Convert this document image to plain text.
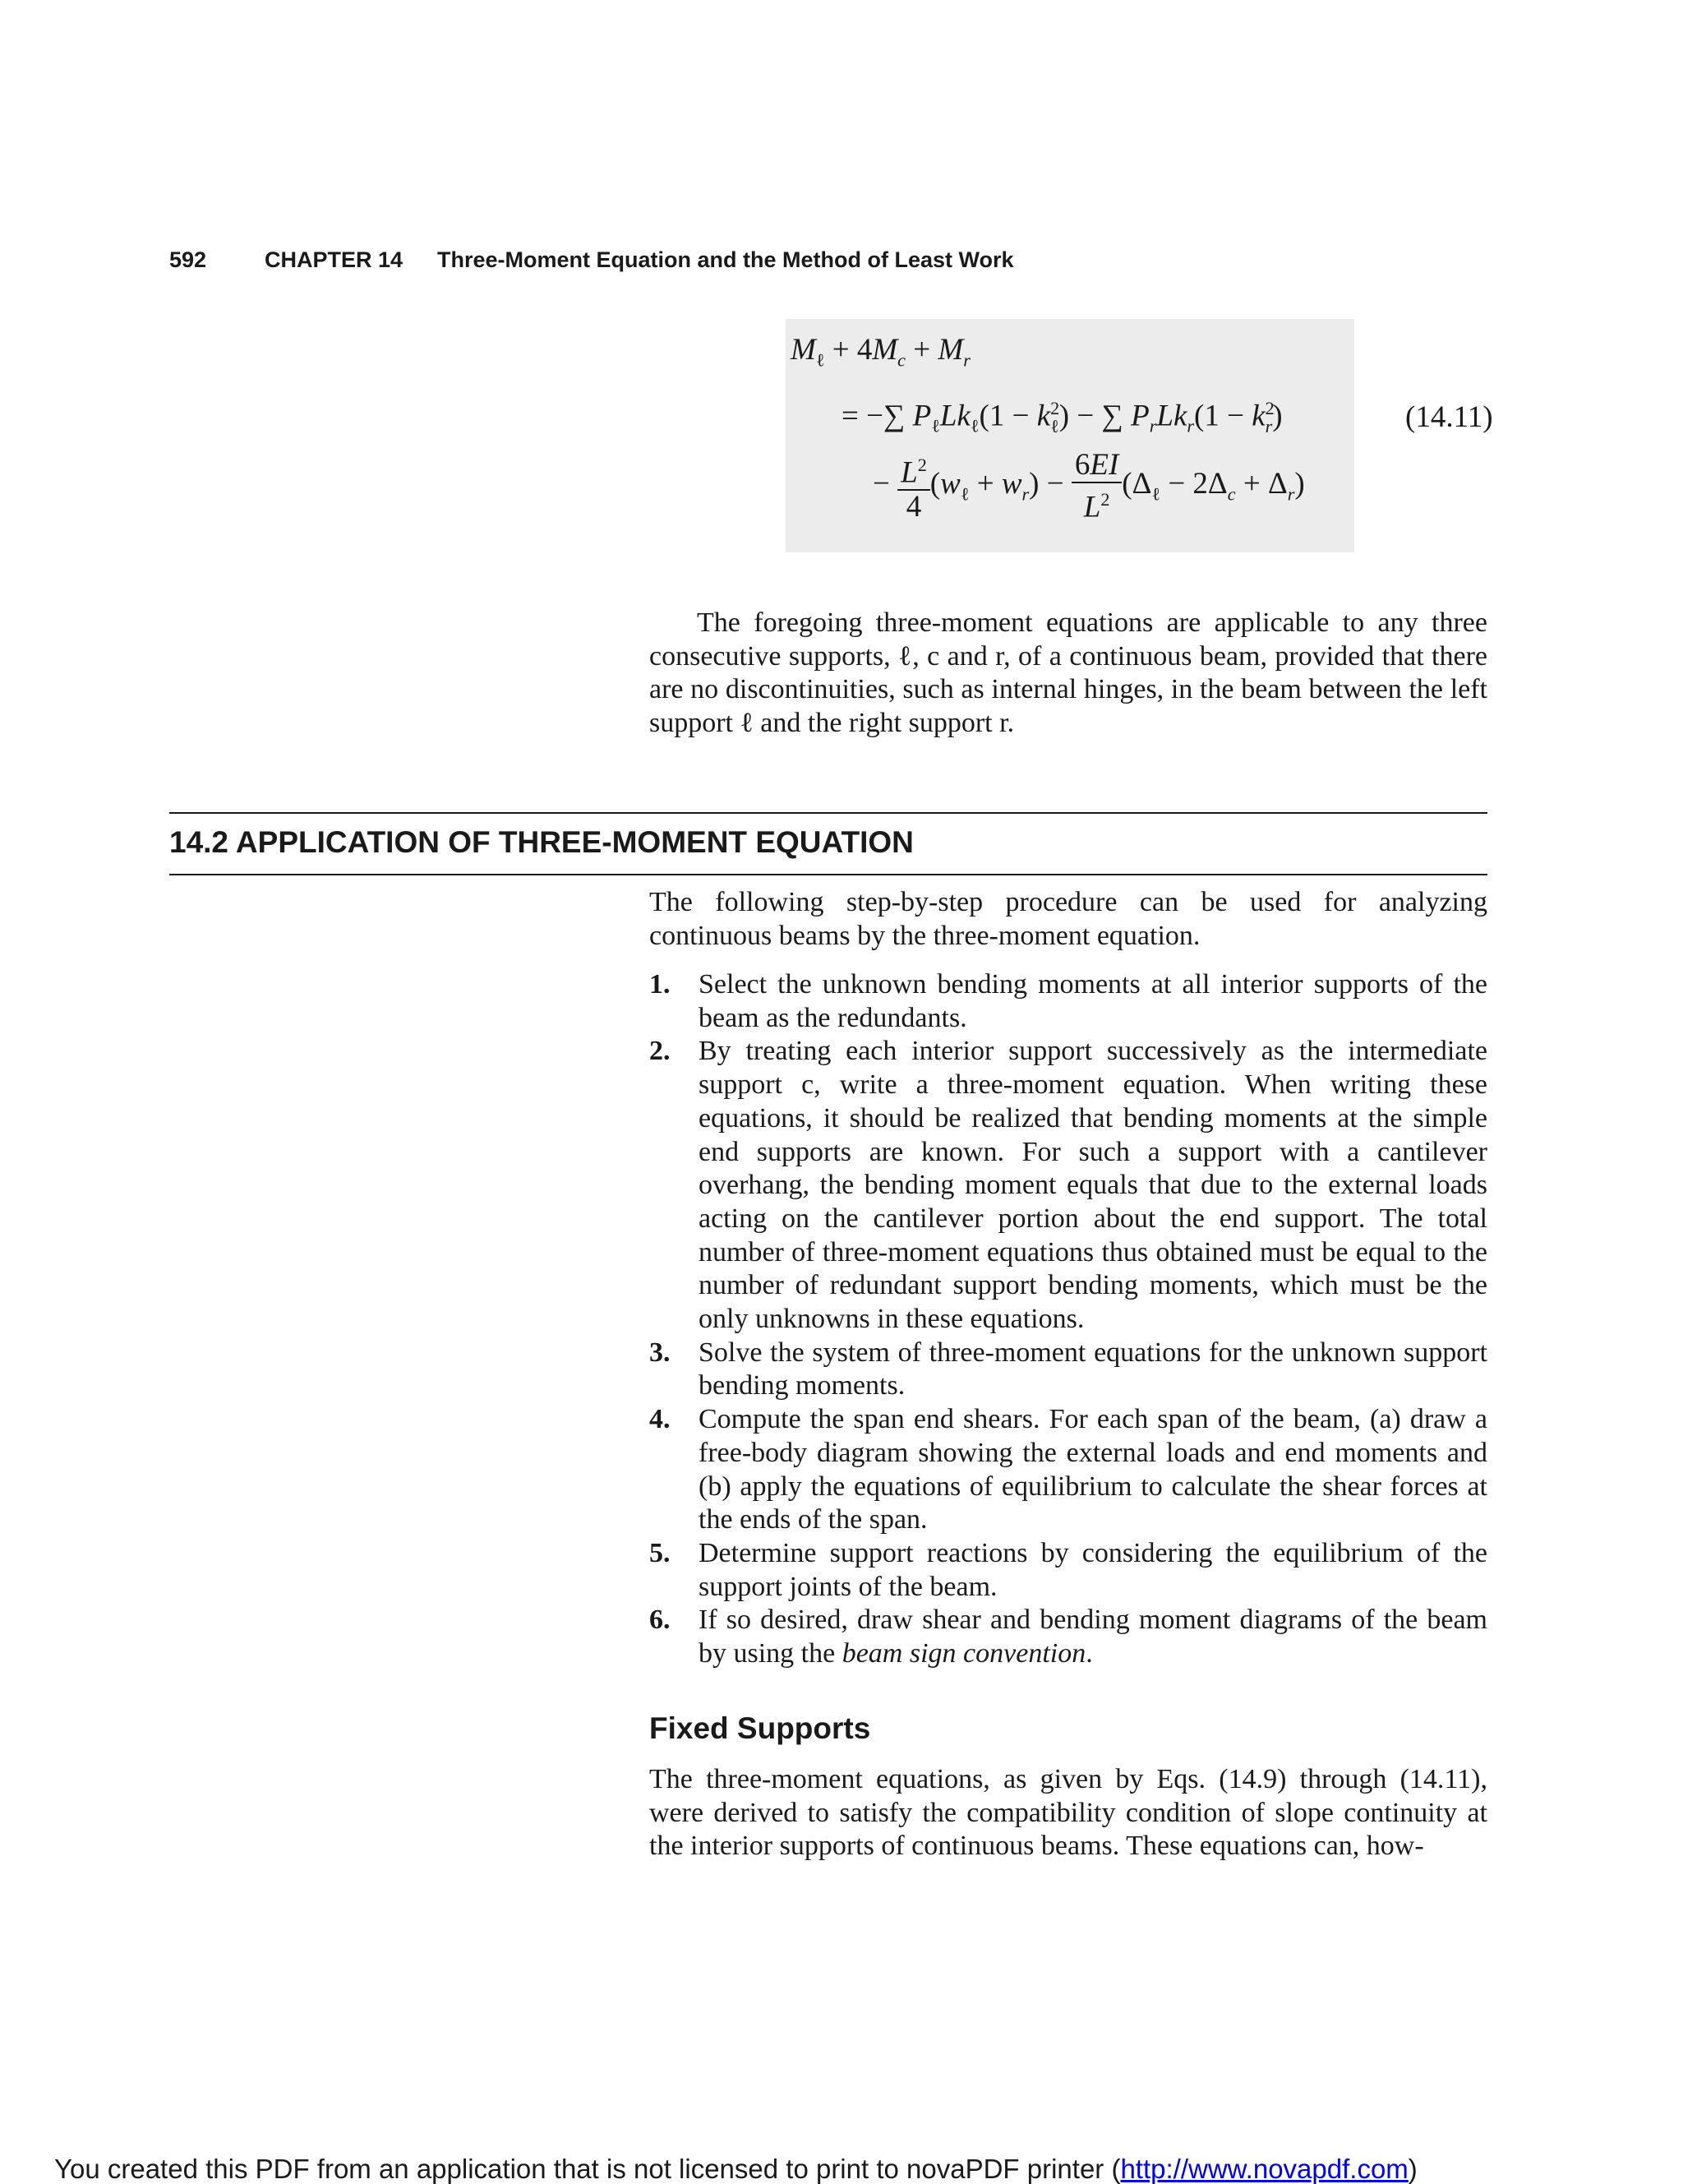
592	CHAPTER 14 Three-Moment Equation and the Method of Least Work
$M_\ell + 4M_c + M_r$
= −∑ $P_\ell Lk_\ell(1 - k^2_\ell)$ − ∑ $P_rLk_r(1 - k^2_r)$
− $\frac{L^2}{4} (w_\ell + w_r) - \frac{6EI}{L^2} (\Delta_\ell - 2\Delta_c + \Delta_r)$
(14.11)

The foregoing three-moment equations are applicable to any three consecutive supports, ℓ, c and r, of a continuous beam, provided that there are no discontinuities, such as internal hinges, in the beam between the left support ℓ and the right support r.

14.2 APPLICATION OF THREE-MOMENT EQUATION

The following step-by-step procedure can be used for analyzing continuous beams by the three-moment equation.

1. Select the unknown bending moments at all interior supports of the beam as the redundants.
2. By treating each interior support successively as the intermediate support c, write a three-moment equation. When writing these equations, it should be realized that bending moments at the simple end supports are known. For such a support with a cantilever overhang, the bending moment equals that due to the external loads acting on the cantilever portion about the end support. The total number of three-moment equations thus obtained must be equal to the number of redundant support bending moments, which must be the only unknowns in these equations.
3. Solve the system of three-moment equations for the unknown support bending moments.
4. Compute the span end shears. For each span of the beam, (a) draw a free-body diagram showing the external loads and end moments and (b) apply the equations of equilibrium to calculate the shear forces at the ends of the span.
5. Determine support reactions by considering the equilibrium of the support joints of the beam.
6. If so desired, draw shear and bending moment diagrams of the beam by using the beam sign convention.
Fixed Supports

The three-moment equations, as given by Eqs. (14.9) through (14.11), were derived to satisfy the compatibility condition of slope continuity at the interior supports of continuous beams. These equations can, how-

You created this PDF from an application that is not licensed to print to novaPDF printer (http://www.novapdf.com)
